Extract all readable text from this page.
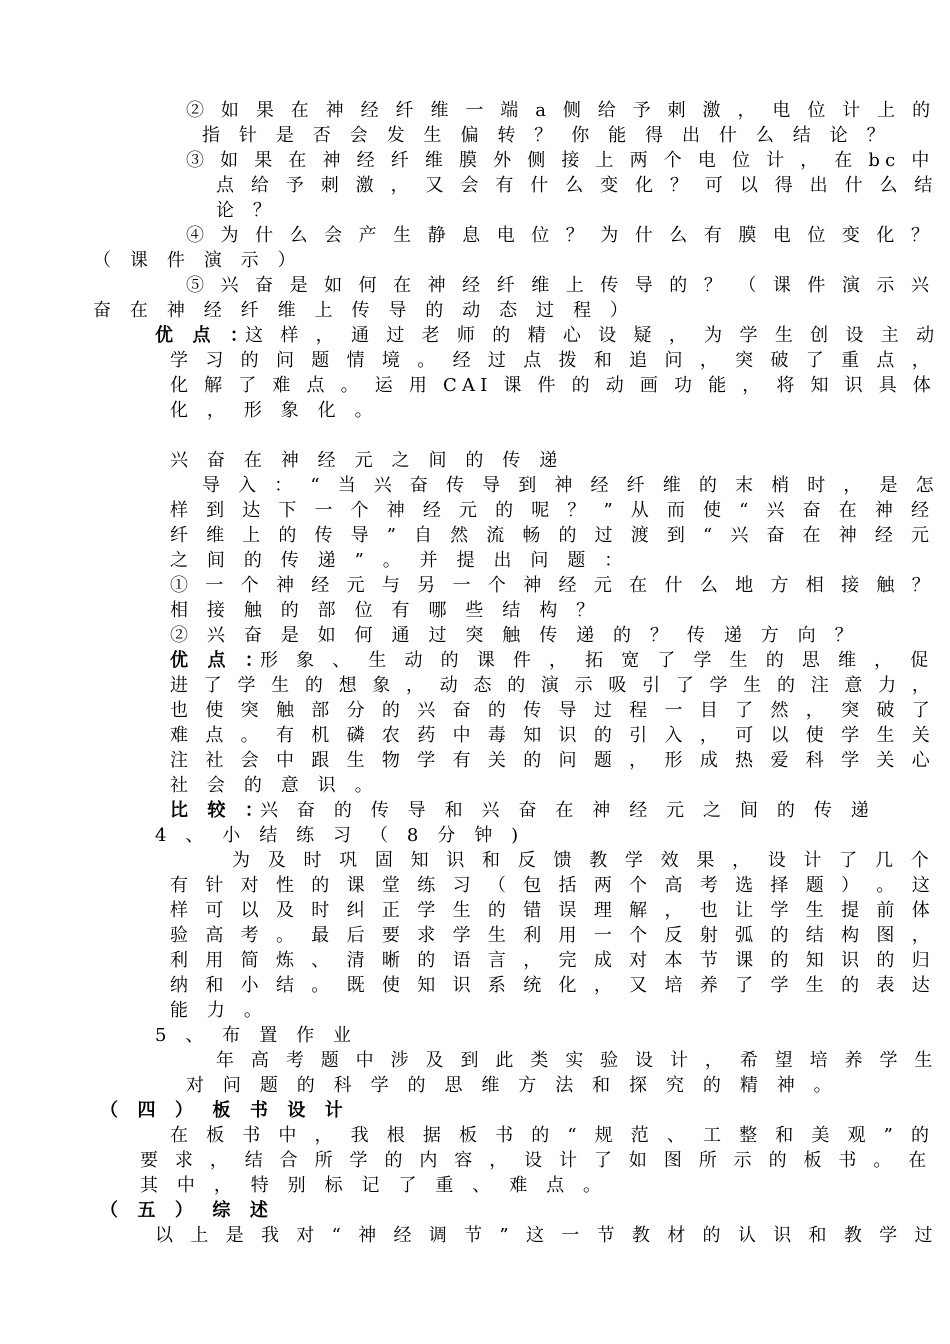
② 如 果 在 神 经 纤 维 一 端 a 侧 给 予 刺 激 ， 电 位 计 上 的
指 针 是 否 会 发 生 偏 转 ？ 你 能 得 出 什 么 结 论 ？
③ 如 果 在 神 经 纤 维 膜 外 侧 接 上 两 个 电 位 计 ， 在 bc 中
点 给 予 刺 激 ， 又 会 有 什 么 变 化 ？ 可 以 得 出 什 么 结
论 ？
④ 为 什 么 会 产 生 静 息 电 位 ？ 为 什 么 有 膜 电 位 变 化 ？
（ 课 件 演 示 ）
⑤ 兴 奋 是 如 何 在 神 经 纤 维 上 传 导 的 ？ （ 课 件 演 示 兴
奋 在 神 经 纤 维 上 传 导 的 动 态 过 程 ）
优 点 ：
这 样 ， 通 过 老 师 的 精 心 设 疑 ， 为 学 生 创 设 主 动
学 习 的 问 题 情 境 。 经 过 点 拨 和 追 问 ， 突 破 了 重 点 ，
化 解 了 难 点 。 运 用 CAI 课 件 的 动 画 功 能 ， 将 知 识 具 体
化 ， 形 象 化 。
兴 奋 在 神 经 元 之 间 的 传 递
导 入 ： “ 当 兴 奋 传 导 到 神 经 纤 维 的 末 梢 时 ， 是 怎
样 到 达 下 一 个 神 经 元 的 呢 ？ ” 从 而 使 “ 兴 奋 在 神 经
纤 维 上 的 传 导 ” 自 然 流 畅 的 过 渡 到 “ 兴 奋 在 神 经 元
之 间 的 传 递 ” 。 并 提 出 问 题 ：
① 一 个 神 经 元 与 另 一 个 神 经 元 在 什 么 地 方 相 接 触 ？
相 接 触 的 部 位 有 哪 些 结 构 ？
② 兴 奋 是 如 何 通 过 突 触 传 递 的 ？ 传 递 方 向 ？
优 点 ：
形 象 、 生 动 的 课 件 ， 拓 宽 了 学 生 的 思 维 ， 促
进 了 学 生 的 想 象 ， 动 态 的 演 示 吸 引 了 学 生 的 注 意 力 ，
也 使 突 触 部 分 的 兴 奋 的 传 导 过 程 一 目 了 然 ， 突 破 了
难 点 。 有 机 磷 农 药 中 毒 知 识 的 引 入 ， 可 以 使 学 生 关
注 社 会 中 跟 生 物 学 有 关 的 问 题 ， 形 成 热 爱 科 学 关 心
社 会 的 意 识 。
比 较 ：
兴 奋 的 传 导 和 兴 奋 在 神 经 元 之 间 的 传 递
4 、 小 结 练 习 （ 8 分 钟 )
为 及 时 巩 固 知 识 和 反 馈 教 学 效 果 ， 设 计 了 几 个
有 针 对 性 的 课 堂 练 习 （ 包 括 两 个 高 考 选 择 题 ） 。 这
样 可 以 及 时 纠 正 学 生 的 错 误 理 解 ， 也 让 学 生 提 前 体
验 高 考 。 最 后 要 求 学 生 利 用 一 个 反 射 弧 的 结 构 图 ，
利 用 简 炼 、 清 晰 的 语 言 ， 完 成 对 本 节 课 的 知 识 的 归
纳 和 小 结 。 既 使 知 识 系 统 化 ， 又 培 养 了 学 生 的 表 达
能 力 。
5 、 布 置 作 业
年 高 考 题 中 涉 及 到 此 类 实 验 设 计 ， 希 望 培 养 学 生
对 问 题 的 科 学 的 思 维 方 法 和 探 究 的 精 神 。
（ 四 ） 板 书 设 计
在 板 书 中 ， 我 根 据 板 书 的 “ 规 范 、 工 整 和 美 观 ” 的
要 求 ， 结 合 所 学 的 内 容 ， 设 计 了 如 图 所 示 的 板 书 。 在
其 中 ， 特 别 标 记 了 重 、 难 点 。
（ 五 ） 综 述
以 上 是 我 对 “ 神 经 调 节 ” 这 一 节 教 材 的 认 识 和 教 学 过
